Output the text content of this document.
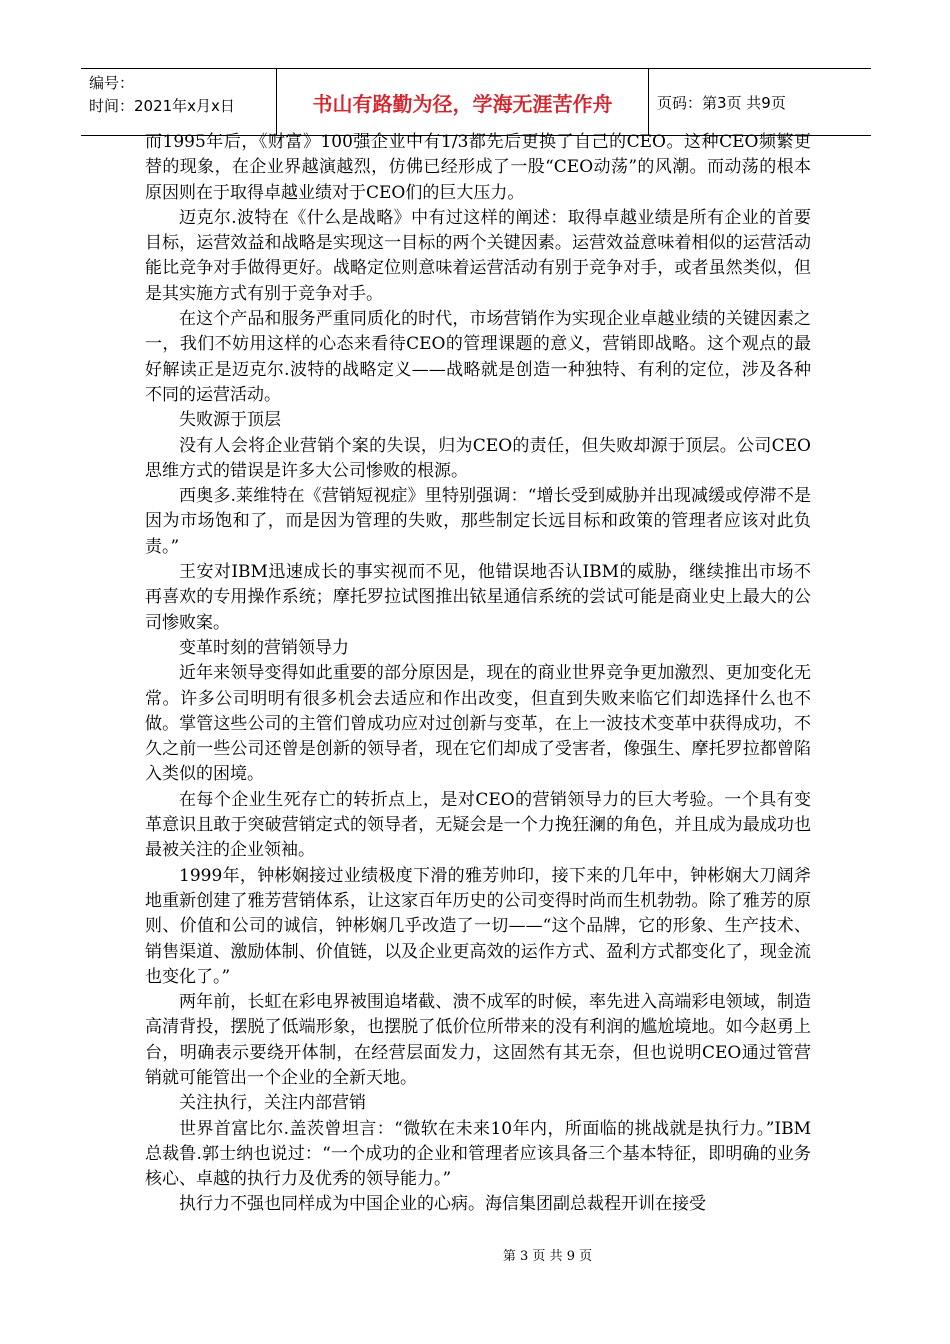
编号：
时间：2021年x月x日	书山有路勤为径，学海无涯苦作舟	页码：第3页 共9页

而1995年后，《财富》100强企业中有1/3都先后更换了自己的CEO。这种CEO频繁更替的现象，在企业界越演越烈，仿佛已经形成了一股“CEO动荡”的风潮。而动荡的根本原因则在于取得卓越业绩对于CEO们的巨大压力。

迈克尔.波特在《什么是战略》中有过这样的阐述：取得卓越业绩是所有企业的首要目标，运营效益和战略是实现这一目标的两个关键因素。运营效益意味着相似的运营活动能比竞争对手做得更好。战略定位则意味着运营活动有别于竞争对手，或者虽然类似，但是其实施方式有别于竞争对手。

在这个产品和服务严重同质化的时代，市场营销作为实现企业卓越业绩的关键因素之一，我们不妨用这样的心态来看待CEO的管理课题的意义，营销即战略。这个观点的最好解读正是迈克尔.波特的战略定义——战略就是创造一种独特、有利的定位，涉及各种不同的运营活动。

失败源于顶层

没有人会将企业营销个案的失误，归为CEO的责任，但失败却源于顶层。公司CEO思维方式的错误是许多大公司惨败的根源。

西奥多.莱维特在《营销短视症》里特别强调：“增长受到威胁并出现减缓或停滞不是因为市场饱和了，而是因为管理的失败，那些制定长远目标和政策的管理者应该对此负责。”

王安对IBM迅速成长的事实视而不见，他错误地否认IBM的威胁，继续推出市场不再喜欢的专用操作系统；摩托罗拉试图推出铱星通信系统的尝试可能是商业史上最大的公司惨败案。

变革时刻的营销领导力

近年来领导变得如此重要的部分原因是，现在的商业世界竞争更加激烈、更加变化无常。许多公司明明有很多机会去适应和作出改变，但直到失败来临它们却选择什么也不做。掌管这些公司的主管们曾成功应对过创新与变革，在上一波技术变革中获得成功，不久之前一些公司还曾是创新的领导者，现在它们却成了受害者，像强生、摩托罗拉都曾陷入类似的困境。

在每个企业生死存亡的转折点上，是对CEO的营销领导力的巨大考验。一个具有变革意识且敢于突破营销定式的领导者，无疑会是一个力挽狂澜的角色，并且成为最成功也最被关注的企业领袖。

1999年，钟彬娴接过业绩极度下滑的雅芳帅印，接下来的几年中，钟彬娴大刀阔斧地重新创建了雅芳营销体系，让这家百年历史的公司变得时尚而生机勃勃。除了雅芳的原则、价值和公司的诚信，钟彬娴几乎改造了一切——“这个品牌，它的形象、生产技术、销售渠道、激励体制、价值链，以及企业更高效的运作方式、盈利方式都变化了，现金流也变化了。”

两年前，长虹在彩电界被围追堵截、溃不成军的时候，率先进入高端彩电领域，制造高清背投，摆脱了低端形象，也摆脱了低价位所带来的没有利润的尴尬境地。如今赵勇上台，明确表示要绕开体制，在经营层面发力，这固然有其无奈，但也说明CEO通过管营销就可能管出一个企业的全新天地。

关注执行，关注内部营销

世界首富比尔.盖茨曾坦言：“微软在未来10年内，所面临的挑战就是执行力。”IBM总裁鲁.郭士纳也说过：“一个成功的企业和管理者应该具备三个基本特征，即明确的业务核心、卓越的执行力及优秀的领导能力。”

执行力不强也同样成为中国企业的心病。海信集团副总裁程开训在接受

第 3 页 共 9 页
